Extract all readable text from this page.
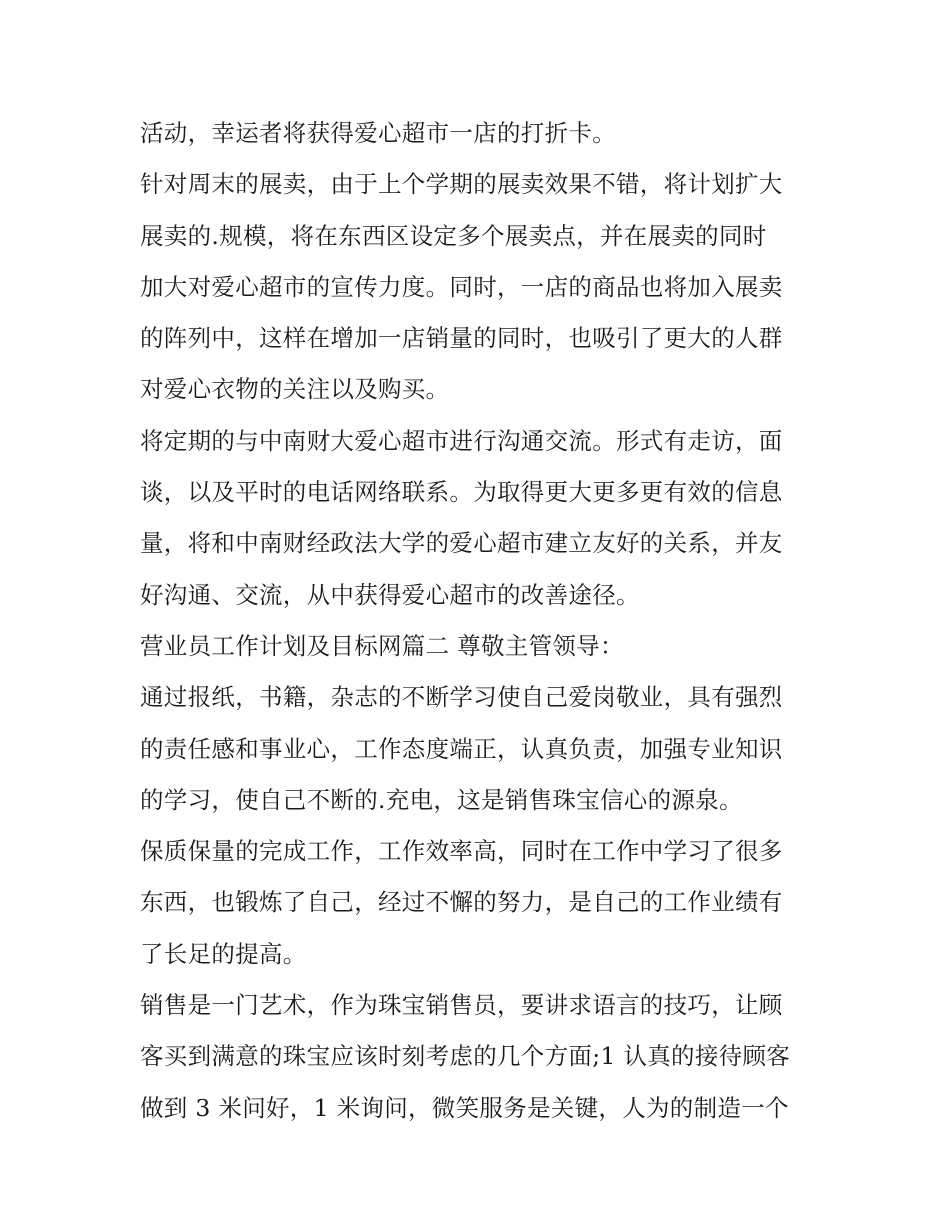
活动，幸运者将获得爱心超市一店的打折卡。
针对周末的展卖，由于上个学期的展卖效果不错，将计划扩大
展卖的.规模，将在东西区设定多个展卖点，并在展卖的同时
加大对爱心超市的宣传力度。同时，一店的商品也将加入展卖
的阵列中，这样在增加一店销量的同时，也吸引了更大的人群
对爱心衣物的关注以及购买。
将定期的与中南财大爱心超市进行沟通交流。形式有走访，面
谈，以及平时的电话网络联系。为取得更大更多更有效的信息
量，将和中南财经政法大学的爱心超市建立友好的关系，并友
好沟通、交流，从中获得爱心超市的改善途径。
营业员工作计划及目标网篇二 尊敬主管领导：
通过报纸，书籍，杂志的不断学习使自己爱岗敬业，具有强烈
的责任感和事业心，工作态度端正，认真负责，加强专业知识
的学习，使自己不断的.充电，这是销售珠宝信心的源泉。
保质保量的完成工作，工作效率高，同时在工作中学习了很多
东西，也锻炼了自己，经过不懈的努力，是自己的工作业绩有
了长足的提高。
销售是一门艺术，作为珠宝销售员，要讲求语言的技巧，让顾
客买到满意的珠宝应该时刻考虑的几个方面;1 认真的接待顾客
做到 3 米问好，1 米询问，微笑服务是关键，人为的制造一个
